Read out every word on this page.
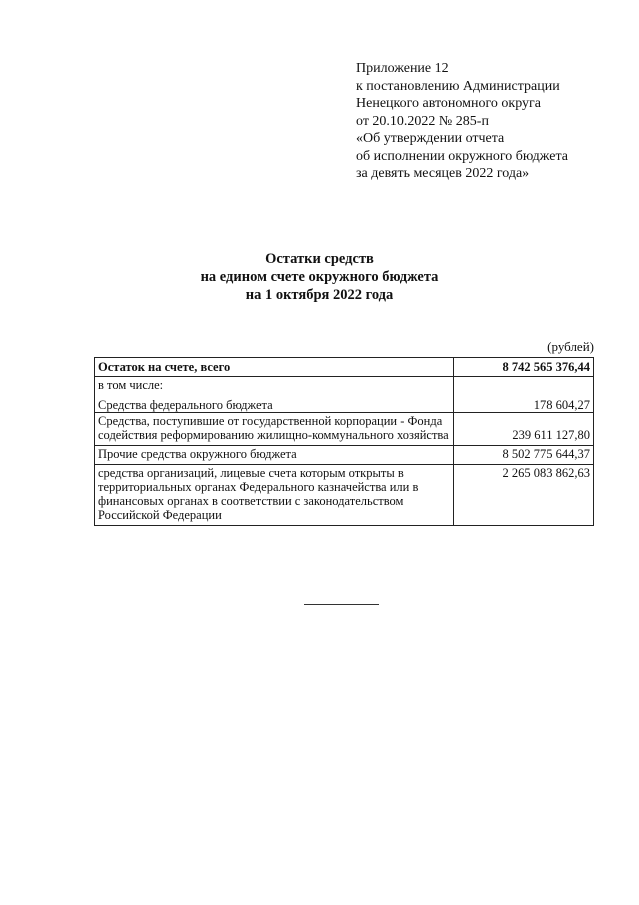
Приложение 12
к постановлению Администрации
Ненецкого автономного округа
от 20.10.2022 № 285-п
«Об утверждении отчета
об исполнении окружного бюджета
за девять месяцев 2022 года»
Остатки средств
на едином счете окружного бюджета
на 1 октября 2022 года
(рублей)
Остаток на счете, всего	8 742 565 376,44

в том числе:
Средства федерального бюджета	178 604,27
Средства, поступившие от государственной корпорации - Фонда содействия реформированию жилищно-коммунального хозяйства	239 611 127,80
Прочие средства окружного бюджета	8 502 775 644,37
средства организаций, лицевые счета которым открыты в территориальных органах Федерального казначейства или в финансовых органах в соответствии с законодательством Российской Федерации	2 265 083 862,63
